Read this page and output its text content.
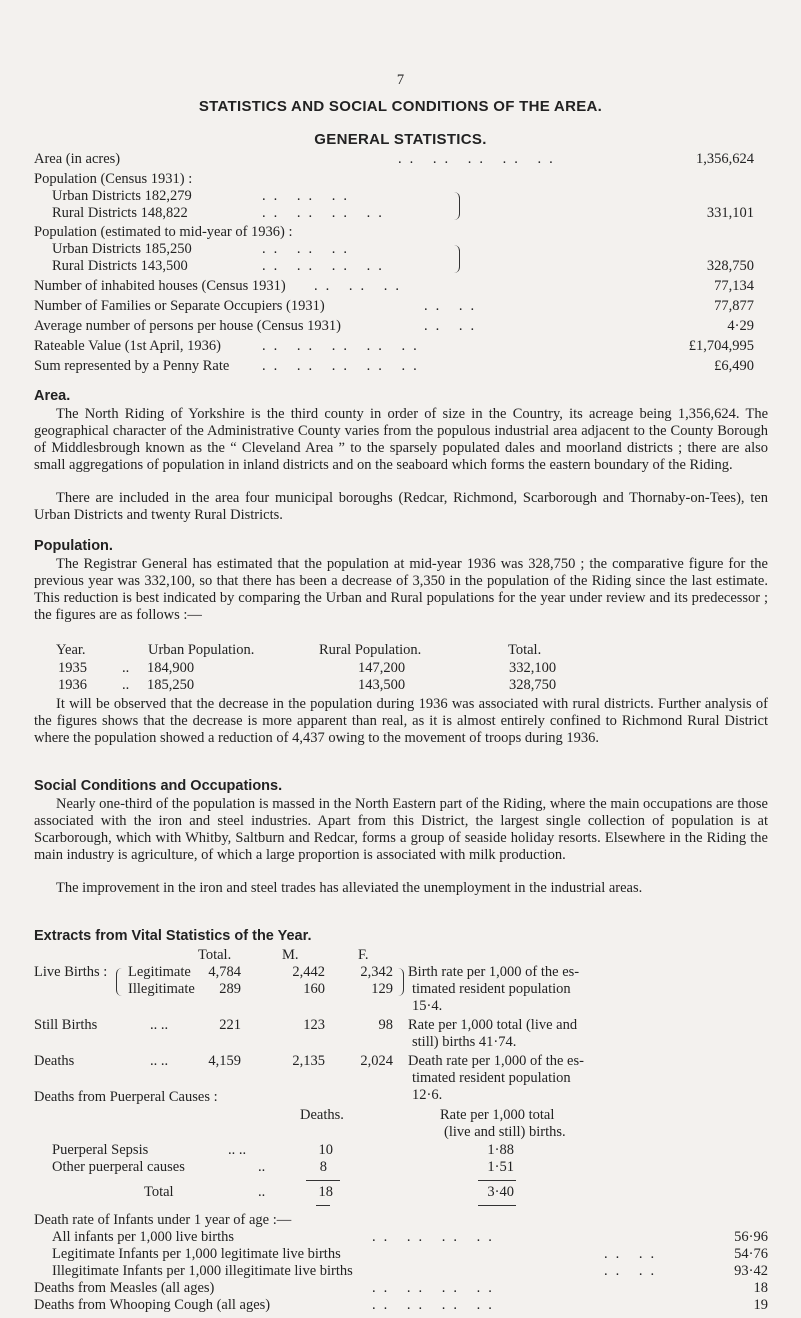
7
STATISTICS AND SOCIAL CONDITIONS OF THE AREA.
GENERAL STATISTICS.
Area (in acres)	.. .. .. .. ..	1,356,624
Population (Census 1931) :
Urban Districts 182,279
Rural Districts 148,822
.. .. ..
.. .. .. ..	331,101
Population (estimated to mid-year of 1936) :
Urban Districts 185,250
Rural Districts 143,500
.. .. ..
.. .. .. ..	328,750
Number of inhabited houses (Census 1931) .. .. ..	77,134
Number of Families or Separate Occupiers (1931)	.. ..	77,877
Average number of persons per house (Census 1931)	.. ..	4·29
Rateable Value (1st April, 1936)	.. .. .. .. ..	£1,704,995
Sum represented by a Penny Rate .. .. .. .. ..	£6,490
Area.

The North Riding of Yorkshire is the third county in order of size in the Country, its acreage being 1,356,624. The geographical character of the Administrative County varies from the populous industrial area adjacent to the County Borough of Middlesbrough known as the “ Cleveland Area ” to the sparsely populated dales and moorland districts ; there are also small aggregations of population in inland districts and on the seaboard which forms the eastern boundary of the Riding.

There are included in the area four municipal boroughs (Redcar, Richmond, Scarborough and Thornaby-on-Tees), ten Urban Districts and twenty Rural Districts.

Population.

The Registrar General has estimated that the population at mid-year 1936 was 328,750 ; the comparative figure for the previous year was 332,100, so that there has been a decrease of 3,350 in the population of the Riding since the last estimate. This reduction is best indicated by comparing the Urban and Rural populations for the year under review and its predecessor ; the figures are as follows :—

Year.	Urban Population.	Rural Population.	Total.
1935 .. 184,900	147,200	332,100
1936 .. 185,250	143,500	328,750

It will be observed that the decrease in the population during 1936 was associated with rural districts. Further analysis of the figures shows that the decrease is more apparent than real, as it is almost entirely confined to Richmond Rural District where the population showed a reduction of 4,437 owing to the movement of troops during 1936.

Social Conditions and Occupations.

Nearly one-third of the population is massed in the North Eastern part of the Riding, where the main occupations are those associated with the iron and steel industries. Apart from this District, the largest single collection of population is at Scarborough, which with Whitby, Saltburn and Redcar, forms a group of seaside holiday resorts. Elsewhere in the Riding the main industry is agriculture, of which a large proportion is associated with milk production.

The improvement in the iron and steel trades has alleviated the unemployment in the industrial areas.

Extracts from Vital Statistics of the Year.
Total.	M.	F.
Live Births : Legitimate 4,784	2,442 2,342
Illegitimate 289	160	129
Birth rate per 1,000 of the es-
timated resident population
15·4.
Still Births	.. ..	221	123	98 Rate per 1,000 total (live and
still) births 41·74.
Deaths	.. ..	4,159	2,135 2,024 Death rate per 1,000 of the es-
timated resident population
12·6.
Deaths from Puerperal Causes :
Deaths.	Rate per 1,000 total
(live and still) births.
Puerperal Sepsis	.. ..	10	1·88
Other puerperal causes	..	8	1·51
Total	..	18	3·40
Death rate of Infants under 1 year of age :—
All infants per 1,000 live births	.. .. .. ..	56·96
Legitimate Infants per 1,000 legitimate live births	.. ..	54·76
Illegitimate Infants per 1,000 illegitimate live births	.. ..	93·42
Deaths from Measles (all ages)	.. .. .. ..	18
Deaths from Whooping Cough (all ages)	.. .. .. ..	19
